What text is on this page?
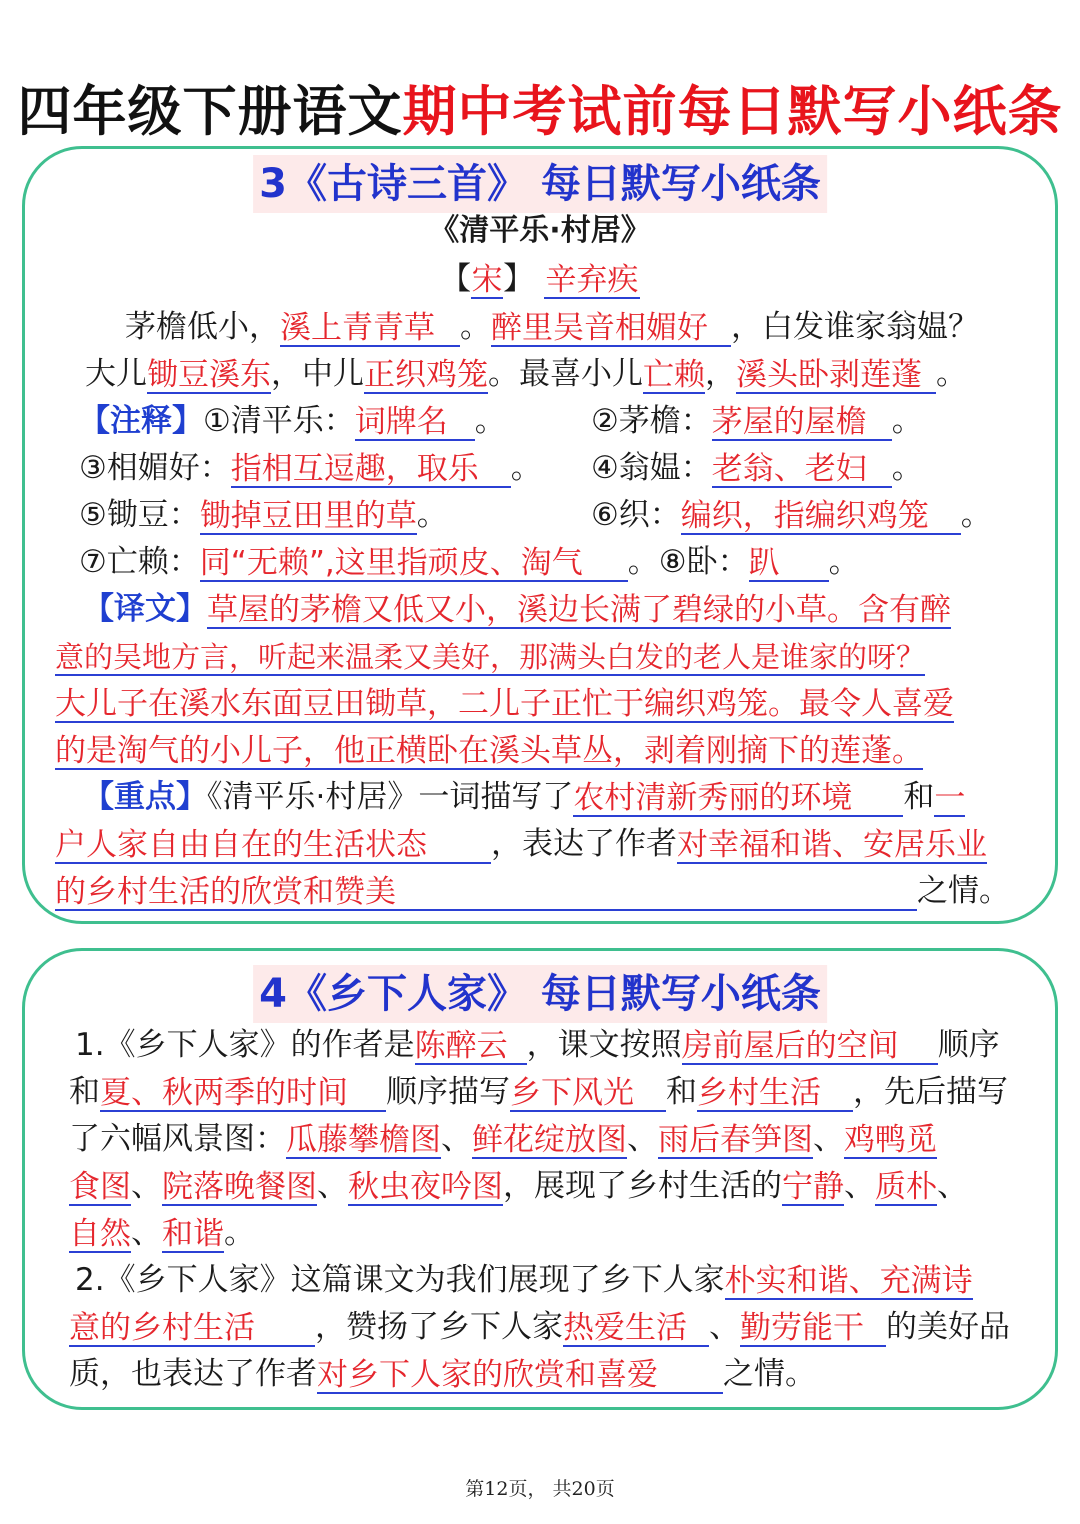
四年级下册语文期中考试前每日默写小纸条
3《古诗三首》 每日默写小纸条
《清平乐·村居》
【宋】 辛弃疾
茅檐低小，溪上青青草 。醉里吴音相媚好 ，白发谁家翁媪？
大儿锄豆溪东，中儿正织鸡笼。最喜小儿亡赖，溪头卧剥莲蓬 。
【注释】①清平乐：词牌名 。	②茅檐：茅屋的屋檐 。
③相媚好：指相互逗趣，取乐 。 ④翁媪：老翁、老妇 。
⑤锄豆：锄掉豆田里的草。	⑥织：编织，指编织鸡笼 。
⑦亡赖：同“无赖”,这里指顽皮、淘气 。⑧卧：趴 。
【译文】草屋的茅檐又低又小，溪边长满了碧绿的小草。含有醉
意的吴地方言，听起来温柔又美好，那满头白发的老人是谁家的呀？
大儿子在溪水东面豆田锄草，二儿子正忙于编织鸡笼。最令人喜爱
的是淘气的小儿子，他正横卧在溪头草丛，剥着刚摘下的莲蓬。
【重点】《清平乐·村居》一词描写了农村清新秀丽的环境 和一
户人家自由自在的生活状态 ，表达了作者对幸福和谐、安居乐业
的乡村生活的欣赏和赞美	之情。
4《乡下人家》 每日默写小纸条
1.《乡下人家》的作者是陈醉云 ，课文按照房前屋后的空间 顺序
和夏、秋两季的时间 顺序描写乡下风光 和乡村生活 ，先后描写
了六幅风景图：瓜藤攀檐图、鲜花绽放图、雨后春笋图、鸡鸭觅
食图、院落晚餐图、秋虫夜吟图，展现了乡村生活的宁静、质朴、
自然、和谐。
2.《乡下人家》这篇课文为我们展现了乡下人家朴实和谐、充满诗
意的乡村生活 ，赞扬了乡下人家热爱生活 、勤劳能干 的美好品
质，也表达了作者对乡下人家的欣赏和喜爱 之情。
第12页， 共20页
